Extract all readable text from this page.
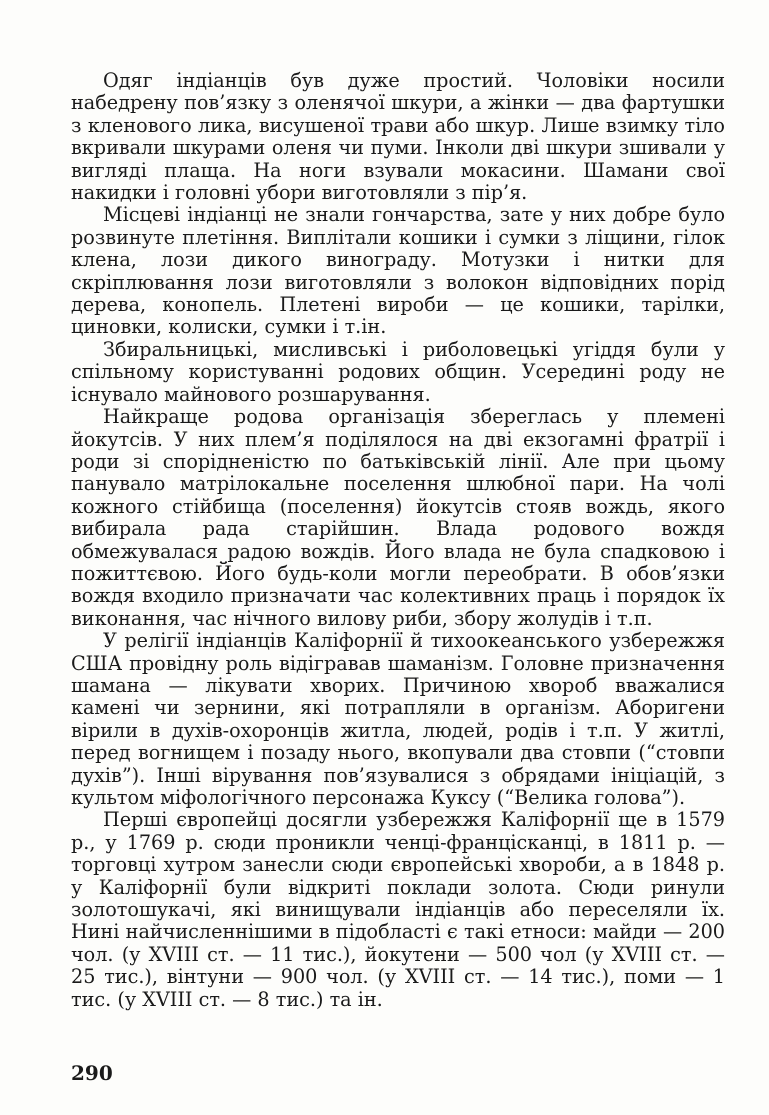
Одяг індіанців був дуже простий. Чоловіки носили набедрену пов’язку з оленячої шкури, а жінки — два фартушки з кленового лика, висушеної трави або шкур. Лише взимку тіло вкривали шкурами оленя чи пуми. Інколи дві шкури зшивали у вигляді плаща. На ноги взували мокасини. Шамани свої накидки і головні убори виготовляли з пір’я.

Місцеві індіанці не знали гончарства, зате у них добре було розвинуте плетіння. Виплітали кошики і сумки з ліщини, гілок клена, лози дикого винограду. Мотузки і нитки для скріплювання лози виготовляли з волокон відповідних порід дерева, конопель. Плетені вироби — це кошики, тарілки, циновки, колиски, сумки і т.ін.

Збиральницькі, мисливські і риболовецькі угіддя були у спільному користуванні родових общин. Усередині роду не існувало майнового розшарування.

Найкраще родова організація збереглась у племені йокутсів. У них плем’я поділялося на дві екзогамні фратрії і роди зі спорідненістю по батьківській лінії. Але при цьому панувало матрілокальне поселення шлюбної пари. На чолі кожного стійбища (поселення) йокутсів стояв вождь, якого вибирала рада старійшин. Влада родового вождя обмежувалася радою вождів. Його влада не була спадковою і пожиттєвою. Його будь-коли могли переобрати. В обов’язки вождя входило призначати час колективних праць і порядок їх виконання, час нічного вилову риби, збору жолудів і т.п.

У релігії індіанців Каліфорнії й тихоокеанського узбережжя США провідну роль відігравав шаманізм. Головне призначення шамана — лікувати хворих. Причиною хвороб вважалися камені чи зернини, які потрапляли в організм. Аборигени вірили в духів-охоронців житла, людей, родів і т.п. У житлі, перед вогнищем і позаду нього, вкопували два стовпи (“стовпи духів”). Інші вірування пов’язувалися з обрядами ініціацій, з культом міфологічного персонажа Куксу (“Велика голова”).

Перші європейці досягли узбережжя Каліфорнії ще в 1579 р., у 1769 р. сюди проникли ченці-францісканці, в 1811 р. — торговці хутром занесли сюди європейські хвороби, а в 1848 р. у Каліфорнії були відкриті поклади золота. Сюди ринули золотошукачі, які винищували індіанців або переселяли їх. Нині найчисленнішими в підобласті є такі етноси: майди — 200 чол. (у XVIII ст. — 11 тис.), йокутени — 500 чол (у XVIII ст. — 25 тис.), вінтуни — 900 чол. (у XVIII ст. — 14 тис.), поми — 1 тис. (у XVIII ст. — 8 тис.) та ін.

290
